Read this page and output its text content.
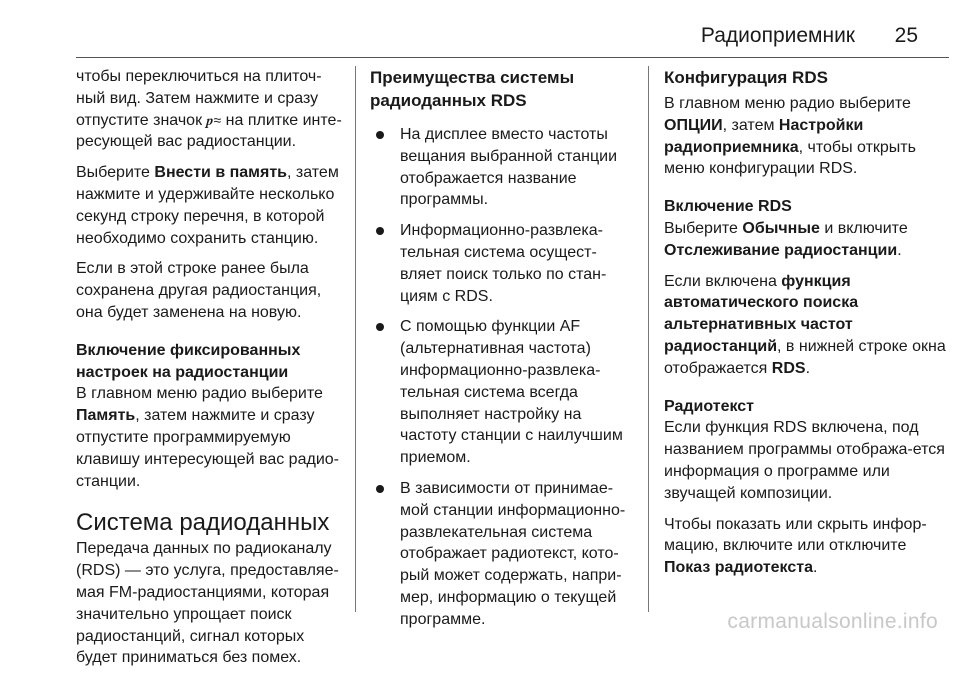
Радиоприемник 25

чтобы переключиться на плиточ-ный вид. Затем нажмите и сразу отпустите значок 𝆏≈ на плитке инте-ресующей вас радиостанции.

Выберите Внести в память, затем нажмите и удерживайте несколько секунд строку перечня, в которой необходимо сохранить станцию.

Если в этой строке ранее была сохранена другая радиостанция, она будет заменена на новую.

Включение фиксированных настроек на радиостанции

В главном меню радио выберите Память, затем нажмите и сразу отпустите программируемую клавишу интересующей вас радио-станции.

Система радиоданных

Передача данных по радиоканалу (RDS) — это услуга, предоставляе-мая FM-радиостанциями, которая значительно упрощает поиск радиостанций, сигнал которых будет приниматься без помех.

Преимущества системы радиоданных RDS
На дисплее вместо частоты вещания выбранной станции отображается название программы.
Информационно-развлека-тельная система осущест-вляет поиск только по стан-циям с RDS.
С помощью функции AF (альтернативная частота) информационно-развлека-тельная система всегда выполняет настройку на частоту станции с наилучшим приемом.
В зависимости от принимае-мой станции информационно-развлекательная система отображает радиотекст, кото-рый может содержать, напри-мер, информацию о текущей программе.
Конфигурация RDS

В главном меню радио выберите ОПЦИИ, затем Настройки радиоприемника, чтобы открыть меню конфигурации RDS.

Включение RDS

Выберите Обычные и включите Отслеживание радиостанции.

Если включена функция автоматического поиска альтернативных частот радиостанций, в нижней строке окна отображается RDS.

Радиотекст

Если функция RDS включена, под названием программы отобража-ется информация о программе или звучащей композиции.

Чтобы показать или скрыть инфор-мацию, включите или отключите Показ радиотекста.

carmanualsonline.info
